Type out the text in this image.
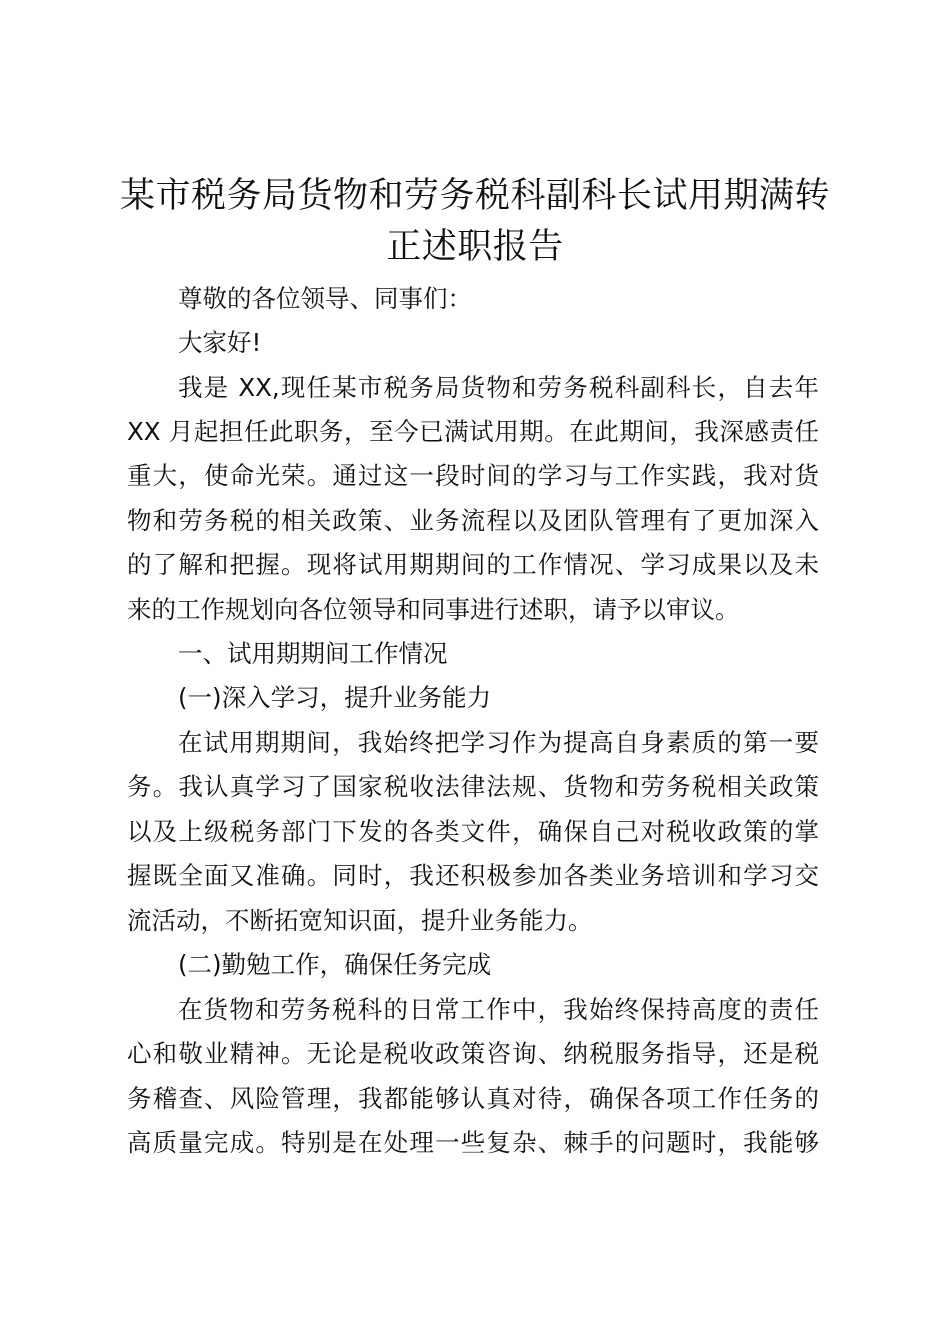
某市税务局货物和劳务税科副科长试用期满转
正述职报告
尊敬的各位领导、同事们：
大家好!
我是 XX,现任某市税务局货物和劳务税科副科长，自去年
XX 月起担任此职务，至今已满试用期。在此期间，我深感责任
重大，使命光荣。通过这一段时间的学习与工作实践，我对货
物和劳务税的相关政策、业务流程以及团队管理有了更加深入
的了解和把握。现将试用期期间的工作情况、学习成果以及未
来的工作规划向各位领导和同事进行述职，请予以审议。
一、试用期期间工作情况
(一)深入学习，提升业务能力
在试用期期间，我始终把学习作为提高自身素质的第一要
务。我认真学习了国家税收法律法规、货物和劳务税相关政策
以及上级税务部门下发的各类文件，确保自己对税收政策的掌
握既全面又准确。同时，我还积极参加各类业务培训和学习交
流活动，不断拓宽知识面，提升业务能力。
(二)勤勉工作，确保任务完成
在货物和劳务税科的日常工作中，我始终保持高度的责任
心和敬业精神。无论是税收政策咨询、纳税服务指导，还是税
务稽查、风险管理，我都能够认真对待，确保各项工作任务的
高质量完成。特别是在处理一些复杂、棘手的问题时，我能够
